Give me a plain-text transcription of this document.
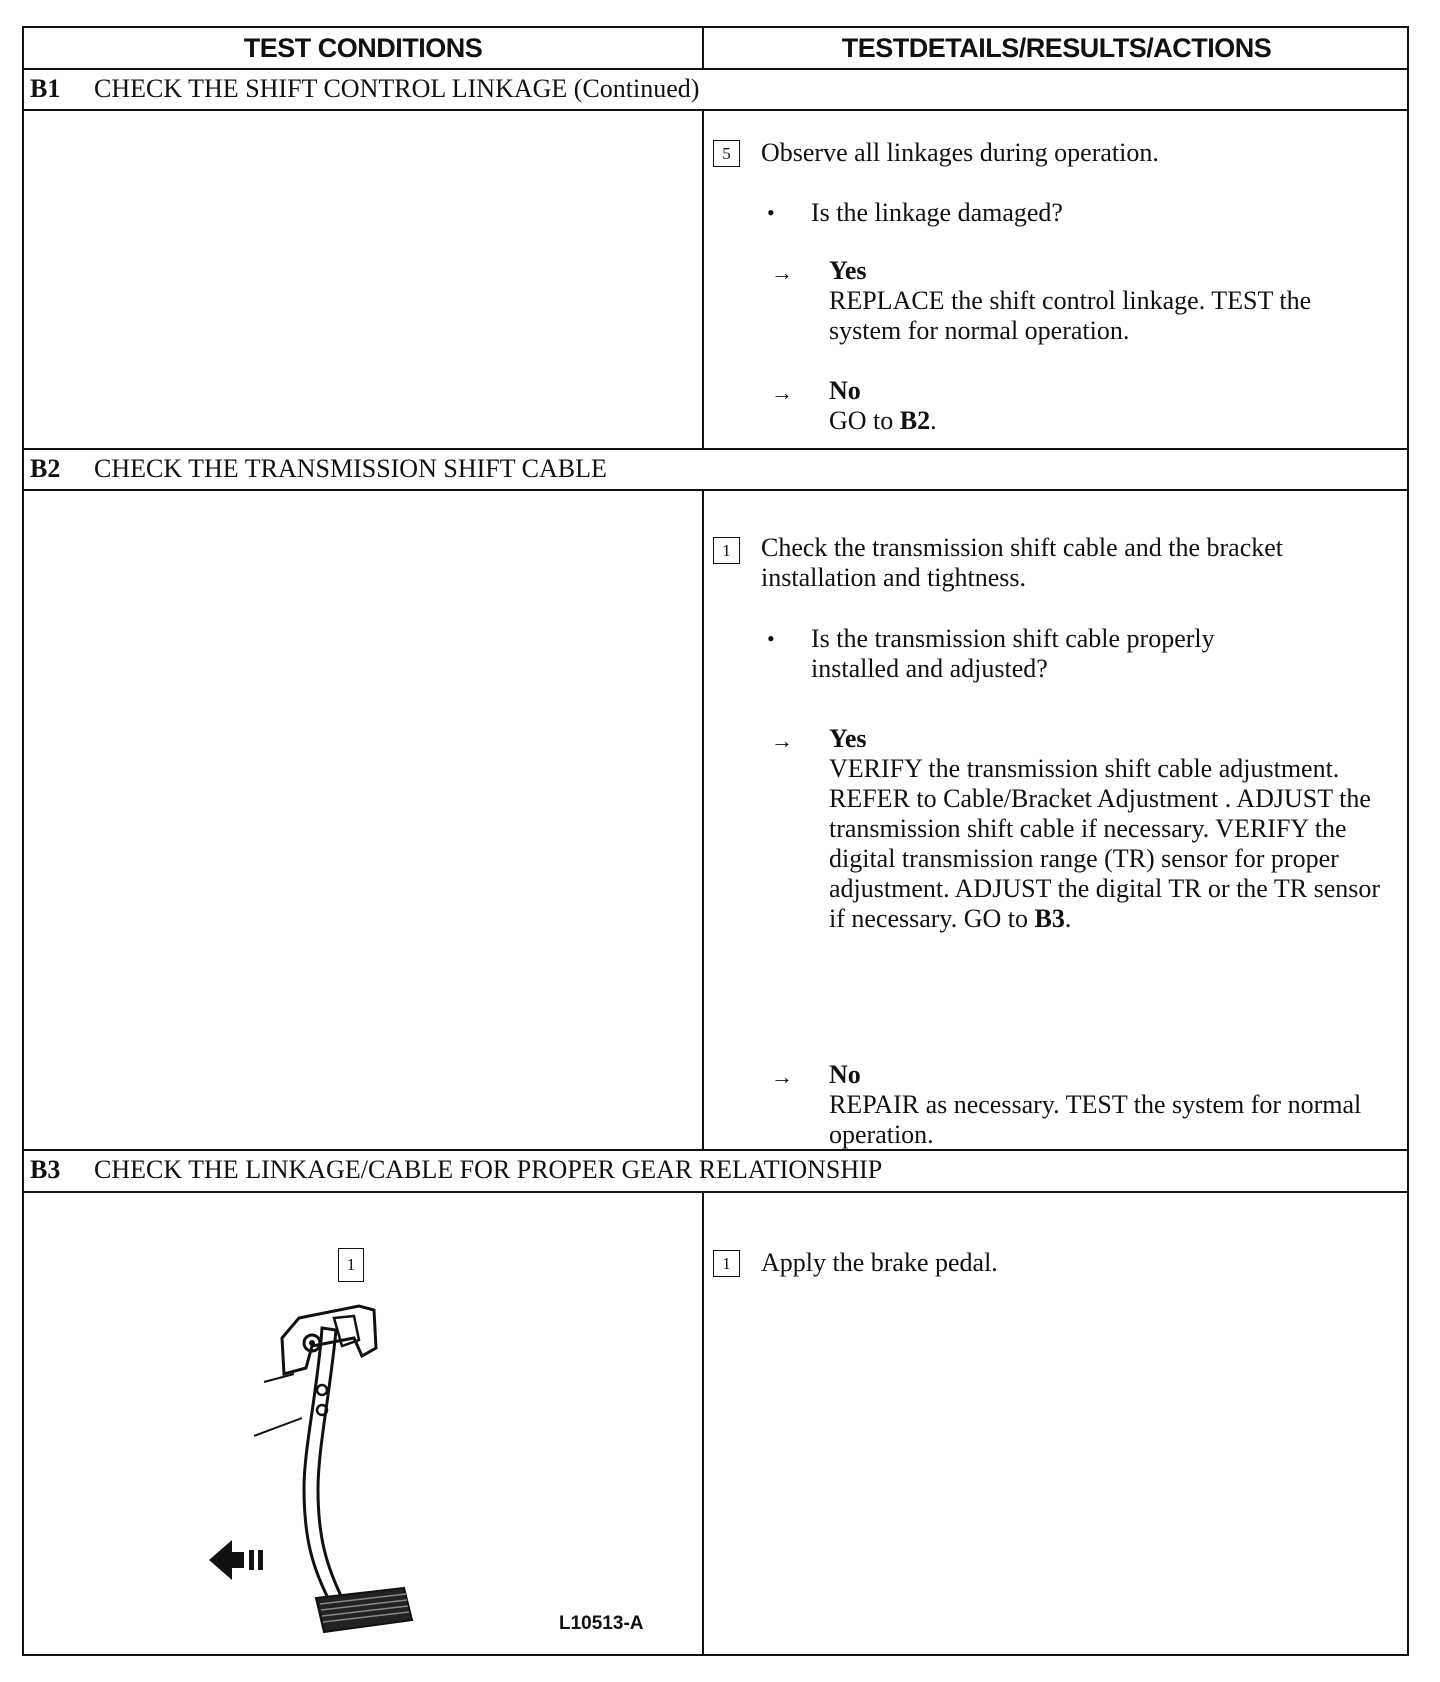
TEST CONDITIONS	TESTDETAILS/RESULTS/ACTIONS
B1	CHECK THE SHIFT CONTROL LINKAGE (Continued)
5	Observe all linkages during operation.
• Is the linkage damaged?
→ Yes
REPLACE the shift control linkage. TEST the system for normal operation.
→ No
GO to B2.
B2	CHECK THE TRANSMISSION SHIFT CABLE
1	Check the transmission shift cable and the bracket installation and tightness.
• Is the transmission shift cable properly installed and adjusted?
→ Yes
VERIFY the transmission shift cable adjustment. REFER to Cable/Bracket Adjustment . ADJUST the transmission shift cable if necessary. VERIFY the digital transmission range (TR) sensor for proper adjustment. ADJUST the digital TR or the TR sensor if necessary. GO to B3.
→ No
REPAIR as necessary. TEST the system for normal operation.
B3	CHECK THE LINKAGE/CABLE FOR PROPER GEAR RELATIONSHIP
1
L10513-A
1	Apply the brake pedal.
